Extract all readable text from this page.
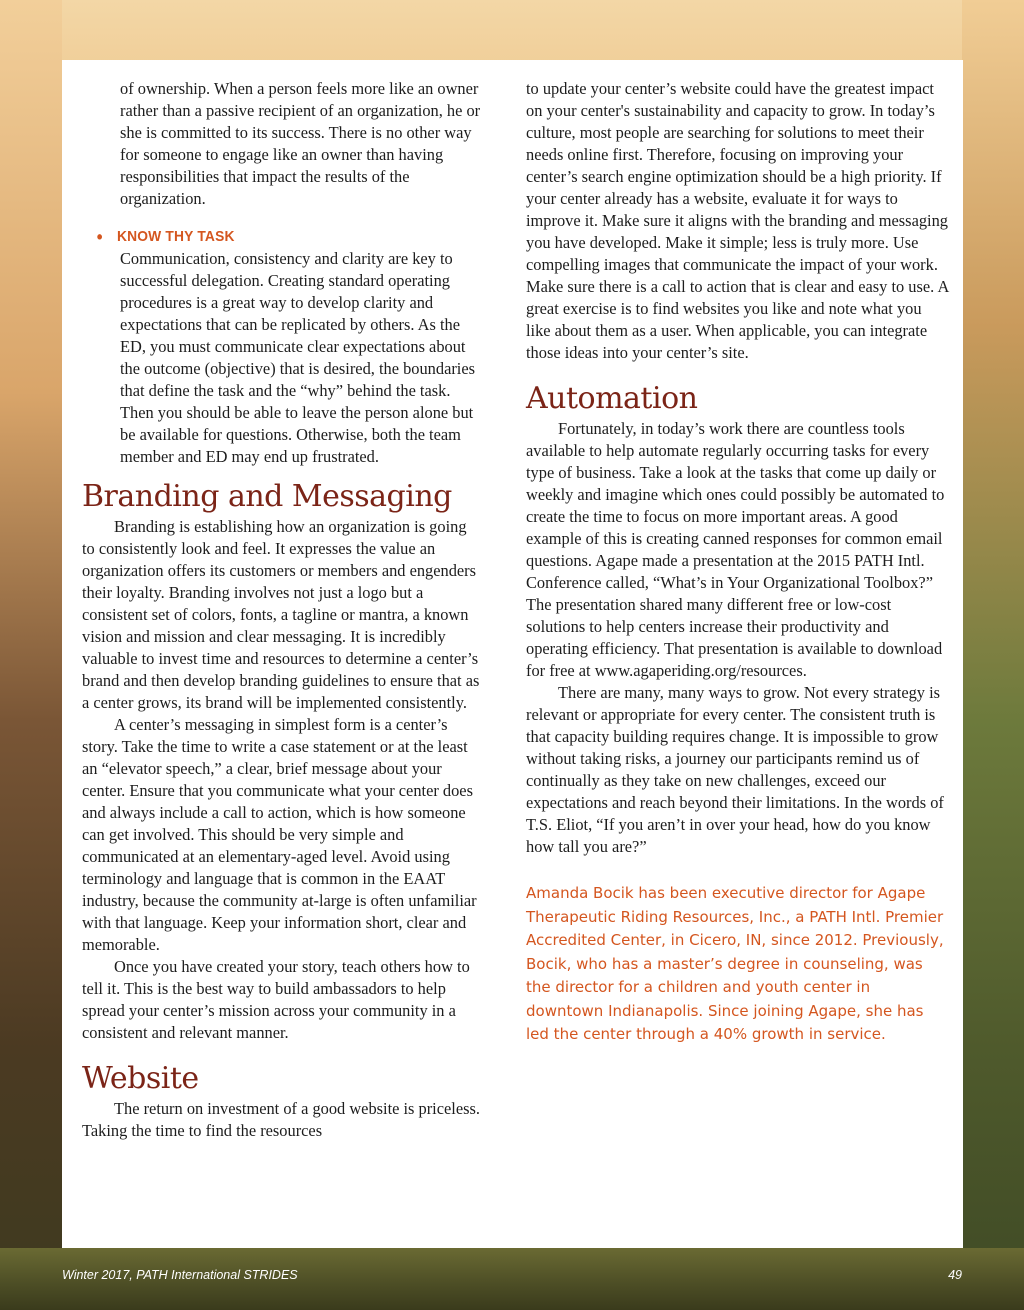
of ownership. When a person feels more like an owner rather than a passive recipient of an organization, he or she is committed to its success. There is no other way for someone to engage like an owner than having responsibilities that impact the results of the organization.

• KNOW THY TASK

Communication, consistency and clarity are key to successful delegation. Creating standard operating procedures is a great way to develop clarity and expectations that can be replicated by others. As the ED, you must communicate clear expectations about the outcome (objective) that is desired, the boundaries that define the task and the “why” behind the task. Then you should be able to leave the person alone but be available for questions. Otherwise, both the team member and ED may end up frustrated.

Branding and Messaging

Branding is establishing how an organization is going to consistently look and feel. It expresses the value an organization offers its customers or members and engenders their loyalty. Branding involves not just a logo but a consistent set of colors, fonts, a tagline or mantra, a known vision and mission and clear messaging. It is incredibly valuable to invest time and resources to determine a center’s brand and then develop branding guidelines to ensure that as a center grows, its brand will be implemented consistently.

A center’s messaging in simplest form is a center’s story. Take the time to write a case statement or at the least an “elevator speech,” a clear, brief message about your center. Ensure that you communicate what your center does and always include a call to action, which is how someone can get involved. This should be very simple and communicated at an elementary-aged level. Avoid using terminology and language that is common in the EAAT industry, because the community at-large is often unfamiliar with that language. Keep your information short, clear and memorable.

Once you have created your story, teach others how to tell it. This is the best way to build ambassadors to help spread your center’s mission across your community in a consistent and relevant manner.

Website

The return on investment of a good website is priceless. Taking the time to find the resources

to update your center’s website could have the greatest impact on your center's sustainability and capacity to grow. In today’s culture, most people are searching for solutions to meet their needs online first. Therefore, focusing on improving your center’s search engine optimization should be a high priority. If your center already has a website, evaluate it for ways to improve it. Make sure it aligns with the branding and messaging you have developed. Make it simple; less is truly more. Use compelling images that communicate the impact of your work. Make sure there is a call to action that is clear and easy to use. A great exercise is to find websites you like and note what you like about them as a user. When applicable, you can integrate those ideas into your center’s site.

Automation

Fortunately, in today’s work there are countless tools available to help automate regularly occurring tasks for every type of business. Take a look at the tasks that come up daily or weekly and imagine which ones could possibly be automated to create the time to focus on more important areas. A good example of this is creating canned responses for common email questions. Agape made a presentation at the 2015 PATH Intl. Conference called, “What’s in Your Organizational Toolbox?” The presentation shared many different free or low-cost solutions to help centers increase their productivity and operating efficiency. That presentation is available to download for free at www.agaperiding.org/resources.

There are many, many ways to grow. Not every strategy is relevant or appropriate for every center. The consistent truth is that capacity building requires change. It is impossible to grow without taking risks, a journey our participants remind us of continually as they take on new challenges, exceed our expectations and reach beyond their limitations. In the words of T.S. Eliot, “If you aren’t in over your head, how do you know how tall you are?”

Amanda Bocik has been executive director for Agape Therapeutic Riding Resources, Inc., a PATH Intl. Premier Accredited Center, in Cicero, IN, since 2012. Previously, Bocik, who has a master’s degree in counseling, was the director for a children and youth center in downtown Indianapolis. Since joining Agape, she has led the center through a 40% growth in service.

Winter 2017, PATH International STRIDES	49
